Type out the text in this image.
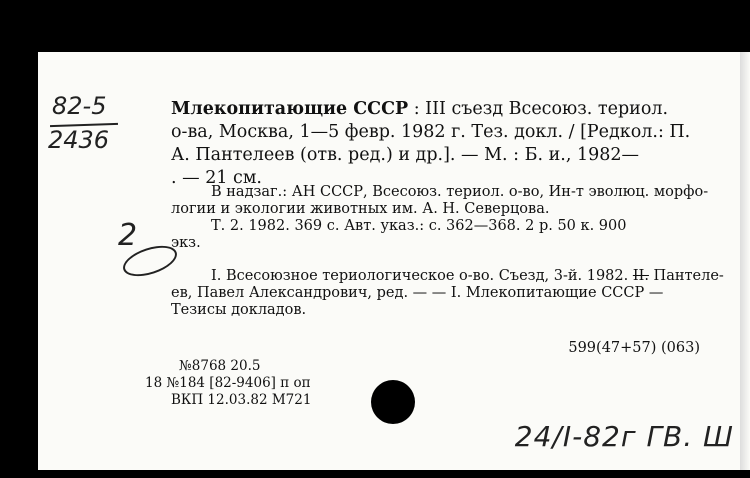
82-5
2436
Млекопитающие СССР : III съезд Всесоюз. териол.
о-ва, Москва, 1—5 февр. 1982 г. Тез. докл. / [Редкол.: П.
А. Пантелеев (отв. ред.) и др.]. — М. : Б. и., 1982—
. — 21 см.
В надзаг.: АН СССР, Всесоюз. териол. о-во, Ин-т эволюц. морфо-
логии и экологии животных им. А. Н. Северцова.
Т. 2. 1982. 369 с. Авт. указ.: с. 362—368. 2 р. 50 к. 900
экз.
2
I. Всесоюзное териологическое о-во. Съезд, 3-й. 1982. II. Пантеле-
ев, Павел Александрович, ред. — — I. Млекопитающие СССР —
Тезисы докладов.
599(47+57) (063)
№8768 20.5
18 №184 [82-9406] п оп
ВКП 12.03.82 М721
24/I-82г ГВ. Ш
